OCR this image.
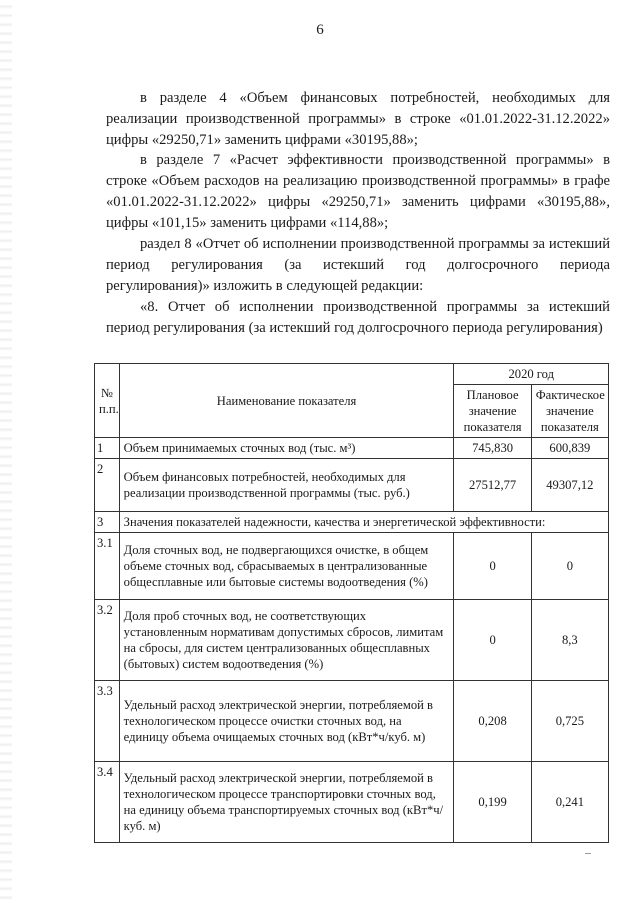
6

в разделе 4 «Объем финансовых потребностей, необходимых для реализации производственной программы» в строке «01.01.2022-31.12.2022» цифры «29250,71» заменить цифрами «30195,88»;

в разделе 7 «Расчет эффективности производственной программы» в строке «Объем расходов на реализацию производственной программы» в графе «01.01.2022-31.12.2022» цифры «29250,71» заменить цифрами «30195,88», цифры «101,15» заменить цифрами «114,88»;

раздел 8 «Отчет об исполнении производственной программы за истекший период регулирования (за истекший год долгосрочного периода регулирования)» изложить в следующей редакции:

«8. Отчет об исполнении производственной программы за истекший период регулирования (за истекший год долгосрочного периода регулирования)

№ п.п.	Наименование показателя	2020 год	
		Плановое значение показателя	Фактическое значение показателя
1	Объем принимаемых сточных вод (тыс. м³)	745,830	600,839
2	Объем финансовых потребностей, необходимых для реализации производственной программы (тыс. руб.)	27512,77	49307,12
3	Значения показателей надежности, качества и энергетической эффективности:		
3.1	Доля сточных вод, не подвергающихся очистке, в общем объеме сточных вод, сбрасываемых в централизованные общесплавные или бытовые системы водоотведения (%)	0	0
3.2	Доля проб сточных вод, не соответствующих установленным нормативам допустимых сбросов, лимитам на сбросы, для систем централизованных общесплавных (бытовых) систем водоотведения (%)	0	8,3
3.3	Удельный расход электрической энергии, потребляемой в технологическом процессе очистки сточных вод, на единицу объема очищаемых сточных вод (кВт*ч/куб. м)	0,208	0,725
3.4	Удельный расход электрической энергии, потребляемой в технологическом процессе транспортировки сточных вод, на единицу объема транспортируемых сточных вод (кВт*ч/куб. м)	0,199	0,241
